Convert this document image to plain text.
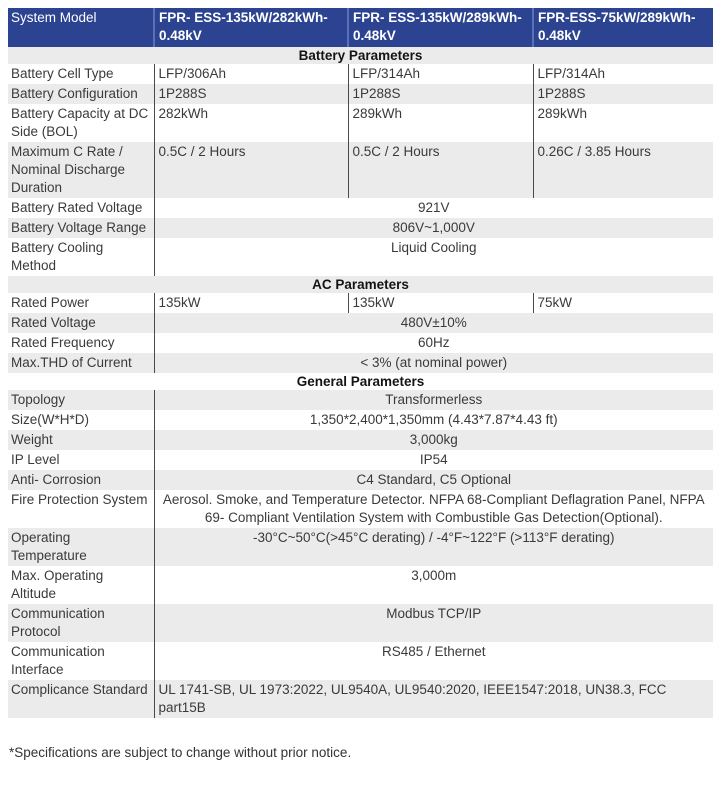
System Model	FPR- ESS-135kW/282kWh-0.48kV	FPR- ESS-135kW/289kWh-0.48kV	FPR-ESS-75kW/289kWh-0.48kV
Battery Parameters			
Battery Cell Type	LFP/306Ah	LFP/314Ah	LFP/314Ah
Battery Configuration	1P288S	1P288S	1P288S
Battery Capacity at DC Side (BOL)	282kWh	289kWh	289kWh
Maximum C Rate / Nominal Discharge Duration	0.5C / 2 Hours	0.5C / 2 Hours	0.26C / 3.85 Hours
Battery Rated Voltage	921V		
Battery Voltage Range	806V~1,000V		
Battery Cooling Method	Liquid Cooling		
AC Parameters			
Rated Power	135kW	135kW	75kW
Rated Voltage	480V±10%		
Rated Frequency	60Hz		
Max.THD of Current	< 3% (at nominal power)		
General Parameters			
Topology	Transformerless		
Size(W*H*D)	1,350*2,400*1,350mm (4.43*7.87*4.43 ft)		
Weight	3,000kg		
IP Level	IP54		
Anti- Corrosion	C4 Standard, C5 Optional		
Fire Protection System	Aerosol. Smoke, and Temperature Detector. NFPA 68-Compliant Deflagration Panel, NFPA 69- Compliant Ventilation System with Combustible Gas Detection(Optional).		
Operating Temperature	-30°C~50°C(>45°C derating) / -4°F~122°F (>113°F derating)		
Max. Operating Altitude	3,000m		
Communication Protocol	Modbus TCP/IP		
Communication Interface	RS485 / Ethernet		
Complicance Standard	UL 1741-SB, UL 1973:2022, UL9540A, UL9540:2020, IEEE1547:2018, UN38.3, FCC part15B		
*Specifications are subject to change without prior notice.
